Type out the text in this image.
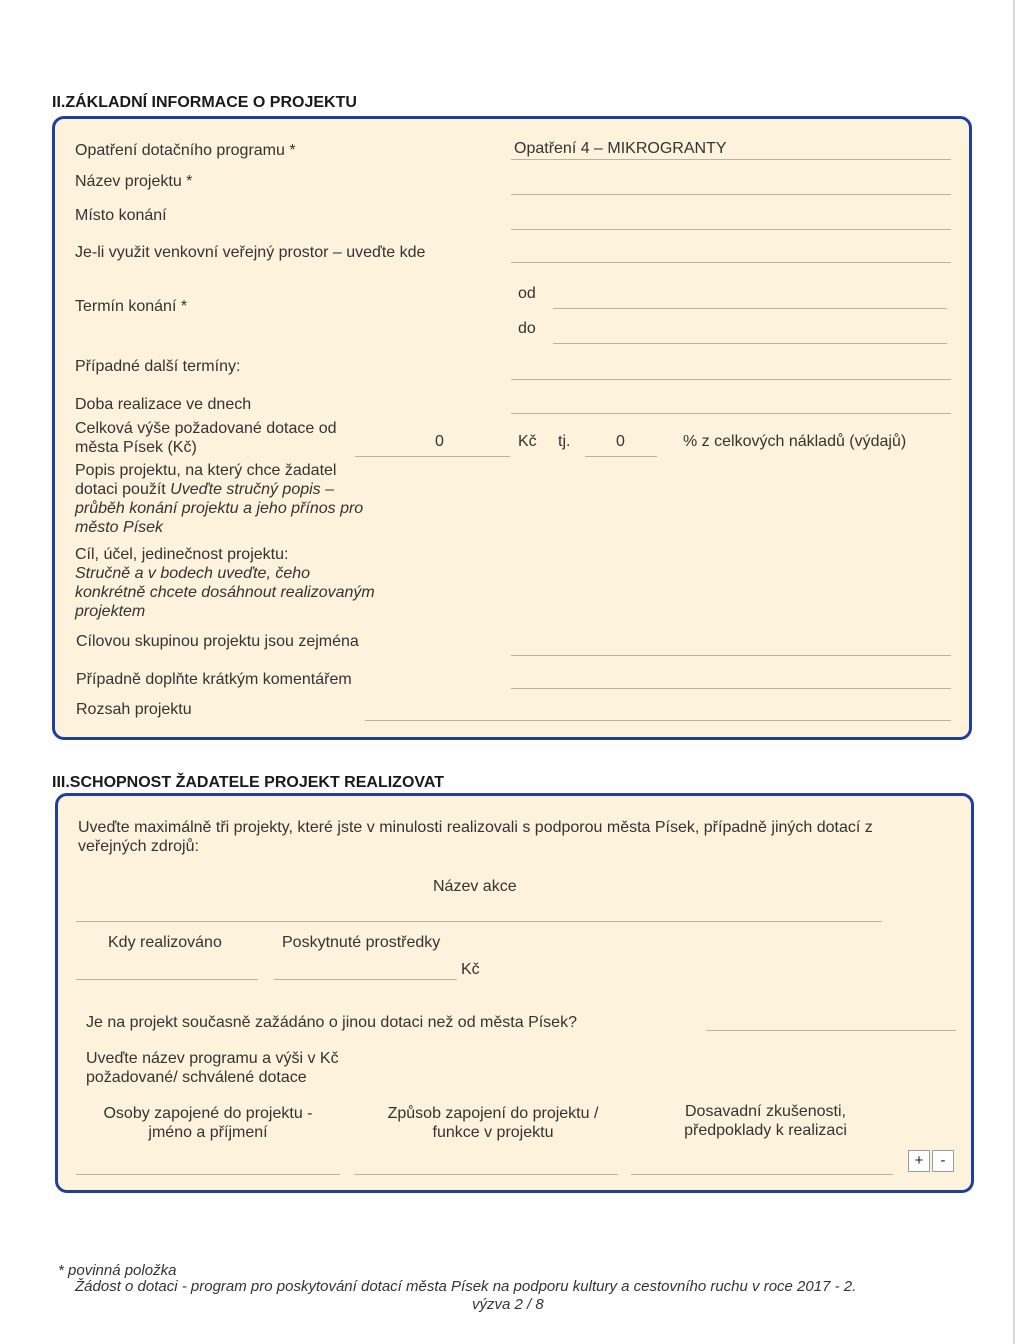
II.ZÁKLADNÍ INFORMACE O PROJEKTU
Opatření dotačního programu *	Opatření 4 – MIKROGRANTY
Název projektu *
Místo konání
Je-li využit venkovní veřejný prostor – uveďte kde
Termín konání *
od
do
Případné další termíny:
Doba realizace ve dnech
Celková výše požadované dotace od města Písek (Kč)	0	Kč tj.	0	% z celkových nákladů (výdajů)
Popis projektu, na který chce žadatel dotaci použít Uveďte stručný popis – průběh konání projektu a jeho přínos pro město Písek
Cíl, účel, jedinečnost projektu:
Stručně a v bodech uveďte, čeho konkrétně chcete dosáhnout realizovaným projektem
Cílovou skupinou projektu jsou zejména
Případně doplňte krátkým komentářem
Rozsah projektu
III.SCHOPNOST ŽADATELE PROJEKT REALIZOVAT
Uveďte maximálně tři projekty, které jste v minulosti realizovali s podporou města Písek, případně jiných dotací z veřejných zdrojů:
Název akce
Kdy realizováno	Poskytnuté prostředky
Kč
Je na projekt současně zažádáno o jinou dotaci než od města Písek?
Uveďte název programu a výši v Kč požadované/ schválené dotace
Osoby zapojené do projektu - jméno a příjmení
Způsob zapojení do projektu / funkce v projektu
Dosavadní zkušenosti, předpoklady k realizaci
+	-
* povinná položka
Žádost o dotaci - program pro poskytování dotací města Písek na podporu kultury a cestovního ruchu v roce 2017 - 2.
výzva 2 / 8
